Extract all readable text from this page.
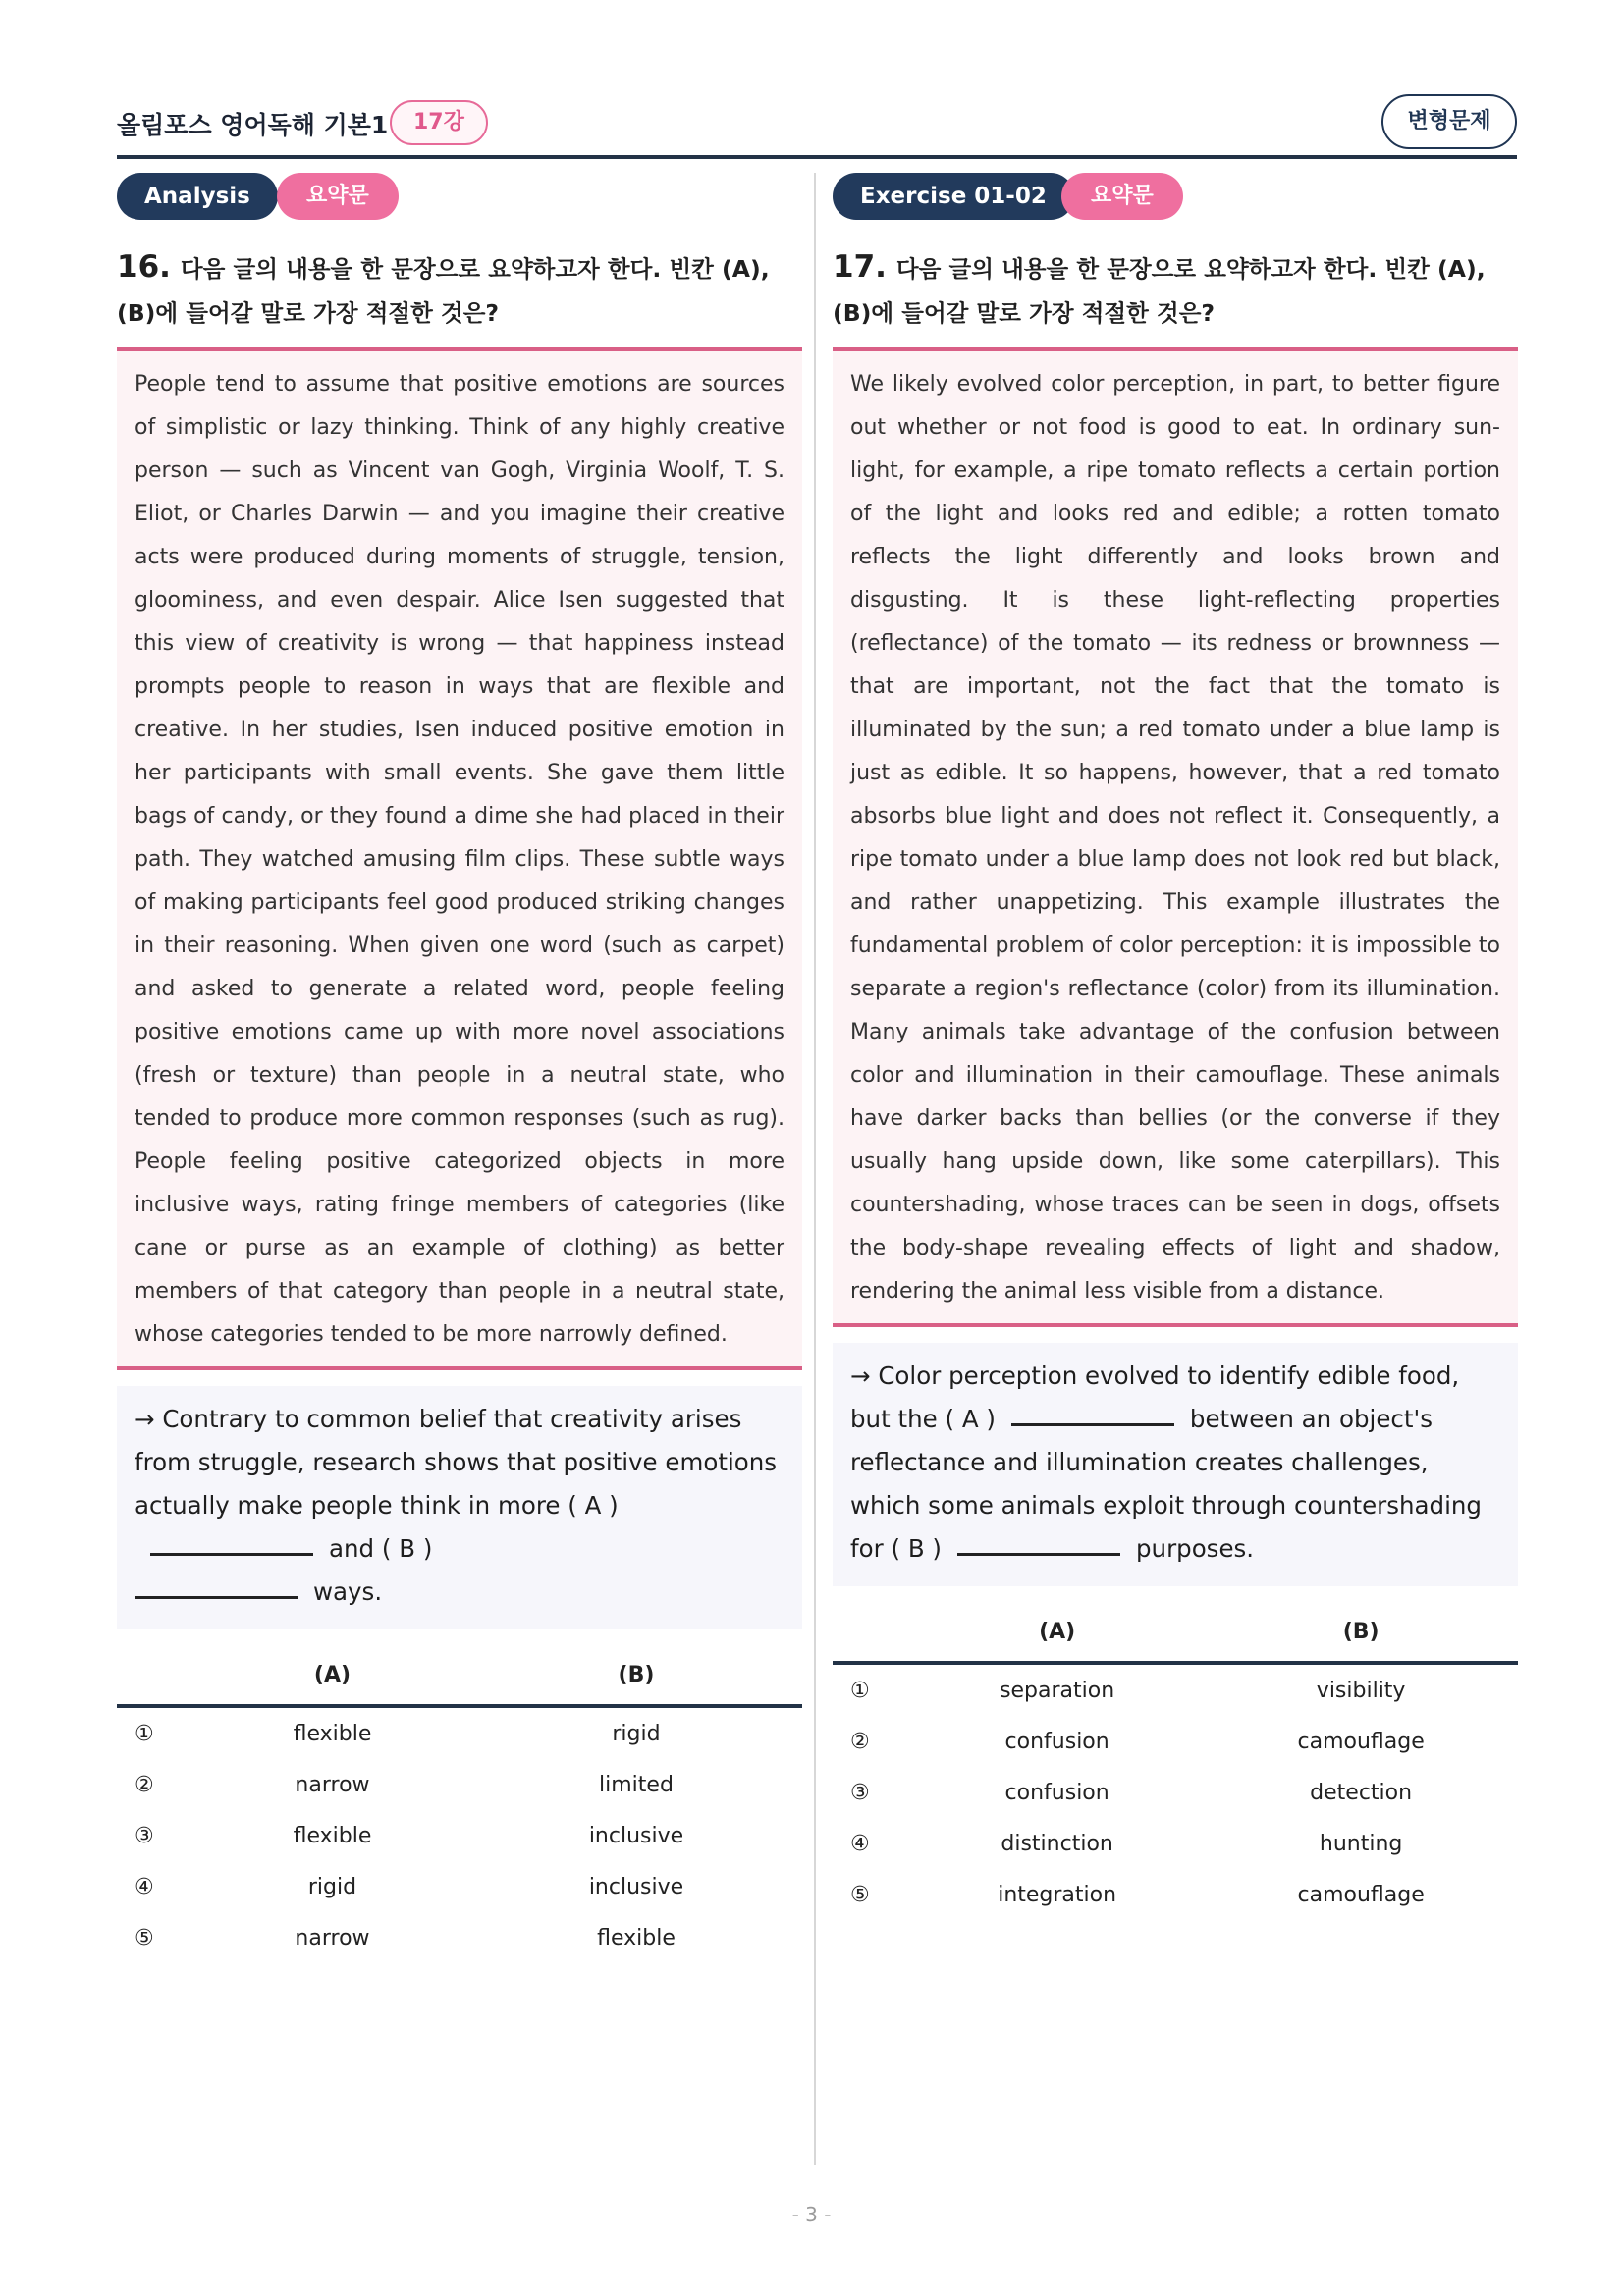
올림포스 영어독해 기본1	17강	변형문제
Analysis	요약문
16. 다음 글의 내용을 한 문장으로 요약하고자 한다. 빈칸 (A), (B)에 들어갈 말로 가장 적절한 것은?
People tend to assume that positive emotions are sources of simplistic or lazy thinking. Think of any highly creative person — such as Vincent van Gogh, Virginia Woolf, T. S. Eliot, or Charles Darwin — and you imagine their creative acts were produced during moments of struggle, tension, gloominess, and even despair. Alice Isen suggested that this view of creativity is wrong — that happiness instead prompts people to reason in ways that are flexible and creative. In her studies, Isen induced positive emotion in her participants with small events. She gave them little bags of candy, or they found a dime she had placed in their path. They watched amusing film clips. These subtle ways of making participants feel good produced striking changes in their reasoning. When given one word (such as carpet) and asked to generate a related word, people feeling positive emotions came up with more novel associations (fresh or texture) than people in a neutral state, who tended to produce more common responses (such as rug). People feeling positive categorized objects in more inclusive ways, rating fringe members of categories (like cane or purse as an example of clothing) as better members of that category than people in a neutral state, whose categories tended to be more narrowly defined.
→ Contrary to common belief that creativity arises from struggle, research shows that positive emotions actually make people think in more ( A )and ( B )
ways.
	(A)	(B)
①	flexible	rigid
②	narrow	limited
③	flexible	inclusive
④	rigid	inclusive
⑤	narrow	flexible
Exercise 01-02	요약문
17. 다음 글의 내용을 한 문장으로 요약하고자 한다. 빈칸 (A), (B)에 들어갈 말로 가장 적절한 것은?
We likely evolved color perception, in part, to better figure out whether or not food is good to eat. In ordinary sun-light, for example, a ripe tomato reflects a certain portion of the light and looks red and edible; a rotten tomato reflects the light differently and looks brown and disgusting. It is these light-reflecting properties (reflectance) of the tomato — its redness or brownness — that are important, not the fact that the tomato is illuminated by the sun; a red tomato under a blue lamp is just as edible. It so happens, however, that a red tomato absorbs blue light and does not reflect it. Consequently, a ripe tomato under a blue lamp does not look red but black, and rather unappetizing. This example illustrates the fundamental problem of color perception: it is impossible to separate a region's reflectance (color) from its illumination. Many animals take advantage of the confusion between color and illumination in their camouflage. These animals have darker backs than bellies (or the converse if they usually hang upside down, like some caterpillars). This countershading, whose traces can be seen in dogs, offsets the body-shape revealing effects of light and shadow, rendering the animal less visible from a distance.
→ Color perception evolved to identify edible food, but the ( A )	between an object's reflectance and illumination creates challenges, which some animals exploit through countershading for ( B )	purposes.
	(A)	(B)
①	separation	visibility
②	confusion	camouflage
③	confusion	detection
④	distinction	hunting
⑤	integration	camouflage
- 3 -
